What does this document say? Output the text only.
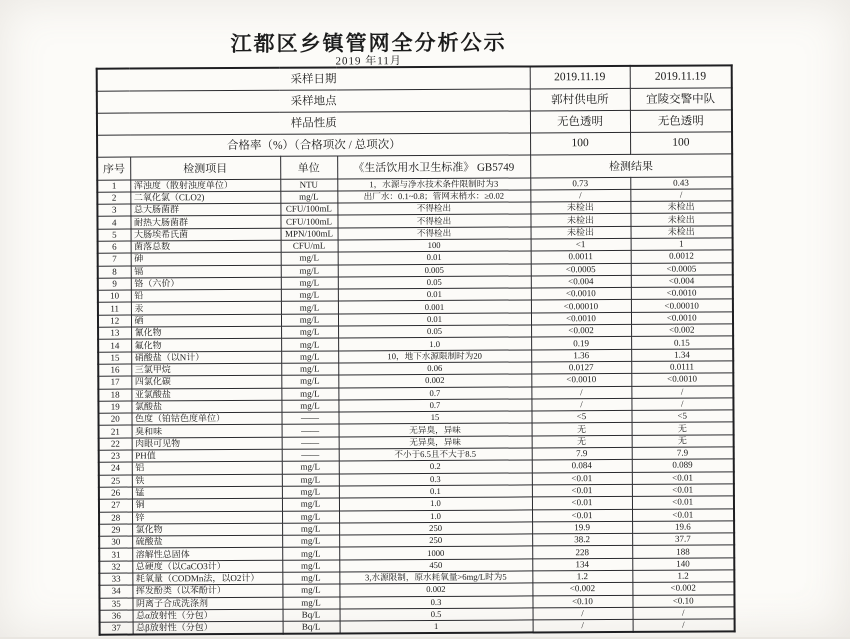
江都区乡镇管网全分析公示
2019 年11月
采样日期				2019.11.19	2019.11.19
采样地点				郭村供电所	宜陵交警中队
样品性质				无色透明	无色透明
合格率（%）（合格项次 / 总项次）				100	100
序号	检测项目	单位	《生活饮用水卫生标准》 GB5749	检测结果	
1	浑浊度（散射浊度单位）	NTU	1，水源与净水技术条件限制时为3	0.73	0.43
2	二氧化氯（CLO2)	mg/L	出厂水：0.1~0.8；管网末梢水：≥0.02	/	/
3	总大肠菌群	CFU/100mL	不得检出	未检出	未检出
4	耐热大肠菌群	CFU/100mL	不得检出	未检出	未检出
5	大肠埃希氏菌	MPN/100mL	不得检出	未检出	未检出
6	菌落总数	CFU/mL	100	<1	1
7	砷	mg/L	0.01	0.0011	0.0012
8	镉	mg/L	0.005	<0.0005	<0.0005
9	铬（六价）	mg/L	0.05	<0.004	<0.004
10	铅	mg/L	0.01	<0.0010	<0.0010
11	汞	mg/L	0.001	<0.00010	<0.00010
12	硒	mg/L	0.01	<0.0010	<0.0010
13	氰化物	mg/L	0.05	<0.002	<0.002
14	氟化物	mg/L	1.0	0.19	0.15
15	硝酸盐（以N计）	mg/L	10，地下水源限制时为20	1.36	1.34
16	三氯甲烷	mg/L	0.06	0.0127	0.0111
17	四氯化碳	mg/L	0.002	<0.0010	<0.0010
18	亚氯酸盐	mg/L	0.7	/	/
19	氯酸盐	mg/L	0.7	/	/
20	色度（铂钴色度单位）	——	15	<5	<5
21	臭和味	——	无异臭，异味	无	无
22	肉眼可见物	——	无异臭，异味	无	无
23	PH值	——	不小于6.5且不大于8.5	7.9	7.9
24	铝	mg/L	0.2	0.084	0.089
25	铁	mg/L	0.3	<0.01	<0.01
26	锰	mg/L	0.1	<0.01	<0.01
27	铜	mg/L	1.0	<0.01	<0.01
28	锌	mg/L	1.0	<0.01	<0.01
29	氯化物	mg/L	250	19.9	19.6
30	硫酸盐	mg/L	250	38.2	37.7
31	溶解性总固体	mg/L	1000	228	188
32	总硬度（以CaCO3计）	mg/L	450	134	140
33	耗氧量（CODMn法，以O2计）	mg/L	3,水源限制，原水耗氧量>6mg/L时为5	1.2	1.2
34	挥发酚类（以苯酚计）	mg/L	0.002	<0.002	<0.002
35	阴离子合成洗涤剂	mg/L	0.3	<0.10	<0.10
36	总α放射性（分包）	Bq/L	0.5	/	/
37	总β放射性（分包）	Bq/L	1	/	/
